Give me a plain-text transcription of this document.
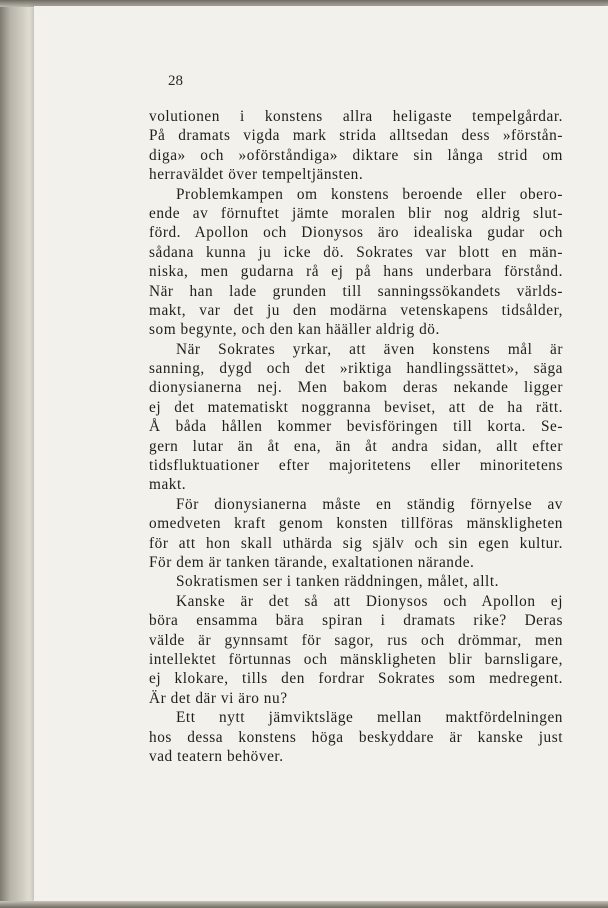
28
volutionen i konstens allra heligaste tempelgårdar.
På dramats vigda mark strida alltsedan dess »förstån-
diga» och »oförståndiga» diktare sin långa strid om
herraväldet över tempeltjänsten.
Problemkampen om konstens beroende eller obero-
ende av förnuftet jämte moralen blir nog aldrig slut-
förd. Apollon och Dionysos äro idealiska gudar och
sådana kunna ju icke dö. Sokrates var blott en män-
niska, men gudarna rå ej på hans underbara förstånd.
När han lade grunden till sanningssökandets världs-
makt, var det ju den modärna vetenskapens tidsålder,
som begynte, och den kan hääller aldrig dö.
När Sokrates yrkar, att även konstens mål är
sanning, dygd och det »riktiga handlingssättet», säga
dionysianerna nej. Men bakom deras nekande ligger
ej det matematiskt noggranna beviset, att de ha rätt.
Å båda hållen kommer bevisföringen till korta. Se-
gern lutar än åt ena, än åt andra sidan, allt efter
tidsfluktuationer efter majoritetens eller minoritetens
makt.
För dionysianerna måste en ständig förnyelse av
omedveten kraft genom konsten tillföras mänskligheten
för att hon skall uthärda sig själv och sin egen kultur.
För dem är tanken tärande, exaltationen närande.
Sokratismen ser i tanken räddningen, målet, allt.
Kanske är det så att Dionysos och Apollon ej
böra ensamma bära spiran i dramats rike? Deras
välde är gynnsamt för sagor, rus och drömmar, men
intellektet förtunnas och mänskligheten blir barnsligare,
ej klokare, tills den fordrar Sokrates som medregent.
Är det där vi äro nu?
Ett nytt jämviktsläge mellan maktfördelningen
hos dessa konstens höga beskyddare är kanske just
vad teatern behöver.
